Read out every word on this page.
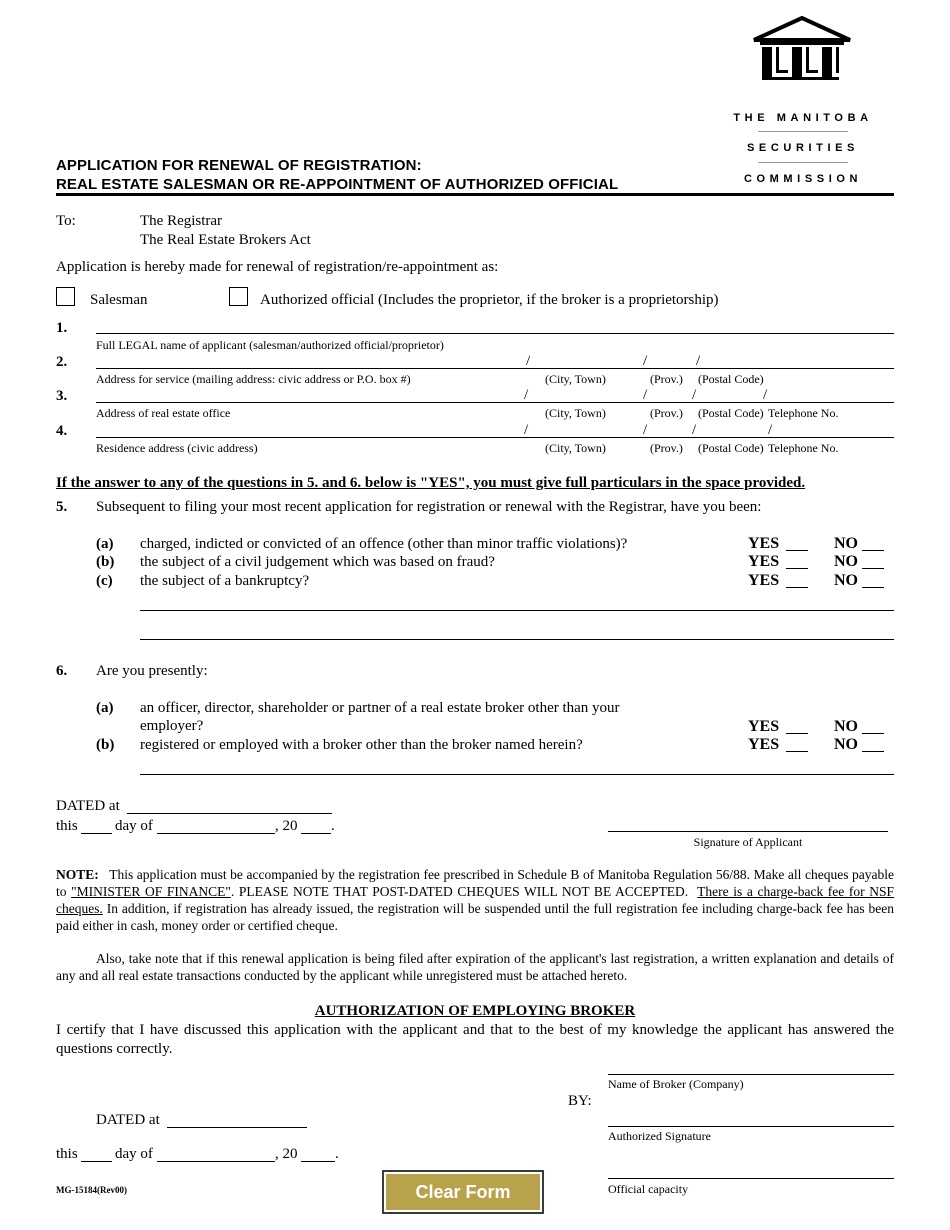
THE MANITOBA
SECURITIES
COMMISSION
APPLICATION FOR RENEWAL OF REGISTRATION:
REAL ESTATE SALESMAN OR RE-APPOINTMENT OF AUTHORIZED OFFICIAL
To:	The Registrar
The Real Estate Brokers Act
Application is hereby made for renewal of registration/re-appointment as:
Salesman	Authorized official (Includes the proprietor, if the broker is a proprietorship)
1.
Full LEGAL name of applicant (salesman/authorized official/proprietor)
2.	/	/	/
Address for service (mailing address: civic address or P.O. box #)	(City, Town)	(Prov.) (Postal Code)
3.	/	/	/	/
Address of real estate office	(City, Town)	(Prov.) (Postal Code) Telephone No.
4.	/	/	/	/
Residence address (civic address)	(City, Town)	(Prov.) (Postal Code) Telephone No.
If the answer to any of the questions in 5. and 6. below is "YES", you must give full particulars in the space provided.
5. Subsequent to filing your most recent application for registration or renewal with the Registrar, have you been:
(a) charged, indicted or convicted of an offence (other than minor traffic violations)?	YES	NO
(b) the subject of a civil judgement which was based on fraud?	YES	NO
(c) the subject of a bankruptcy?	YES	NO
6. Are you presently:
(a) an officer, director, shareholder or partner of a real estate broker other than your
employer?	YES	NO
(b) registered or employed with a broker other than the broker named herein?	YES	NO
DATED at
this day of	, 20 .
Signature of Applicant
NOTE: This application must be accompanied by the registration fee prescribed in Schedule B of Manitoba Regulation 56/88. Make all cheques payable to "MINISTER OF FINANCE". PLEASE NOTE THAT POST-DATED CHEQUES WILL NOT BE ACCEPTED. There is a charge-back fee for NSF cheques. In addition, if registration has already issued, the registration will be suspended until the full registration fee including charge-back fee has been paid either in cash, money order or certified cheque.
Also, take note that if this renewal application is being filed after expiration of the applicant's last registration, a written explanation and details of any and all real estate transactions conducted by the applicant while unregistered must be attached hereto.
AUTHORIZATION OF EMPLOYING BROKER
I certify that I have discussed this application with the applicant and that to the best of my knowledge the applicant has answered the questions correctly.
Name of Broker (Company)
BY:
Authorized Signature
Official capacity
DATED at
this day of	, 20	.
MG-15184(Rev00)	Clear Form
